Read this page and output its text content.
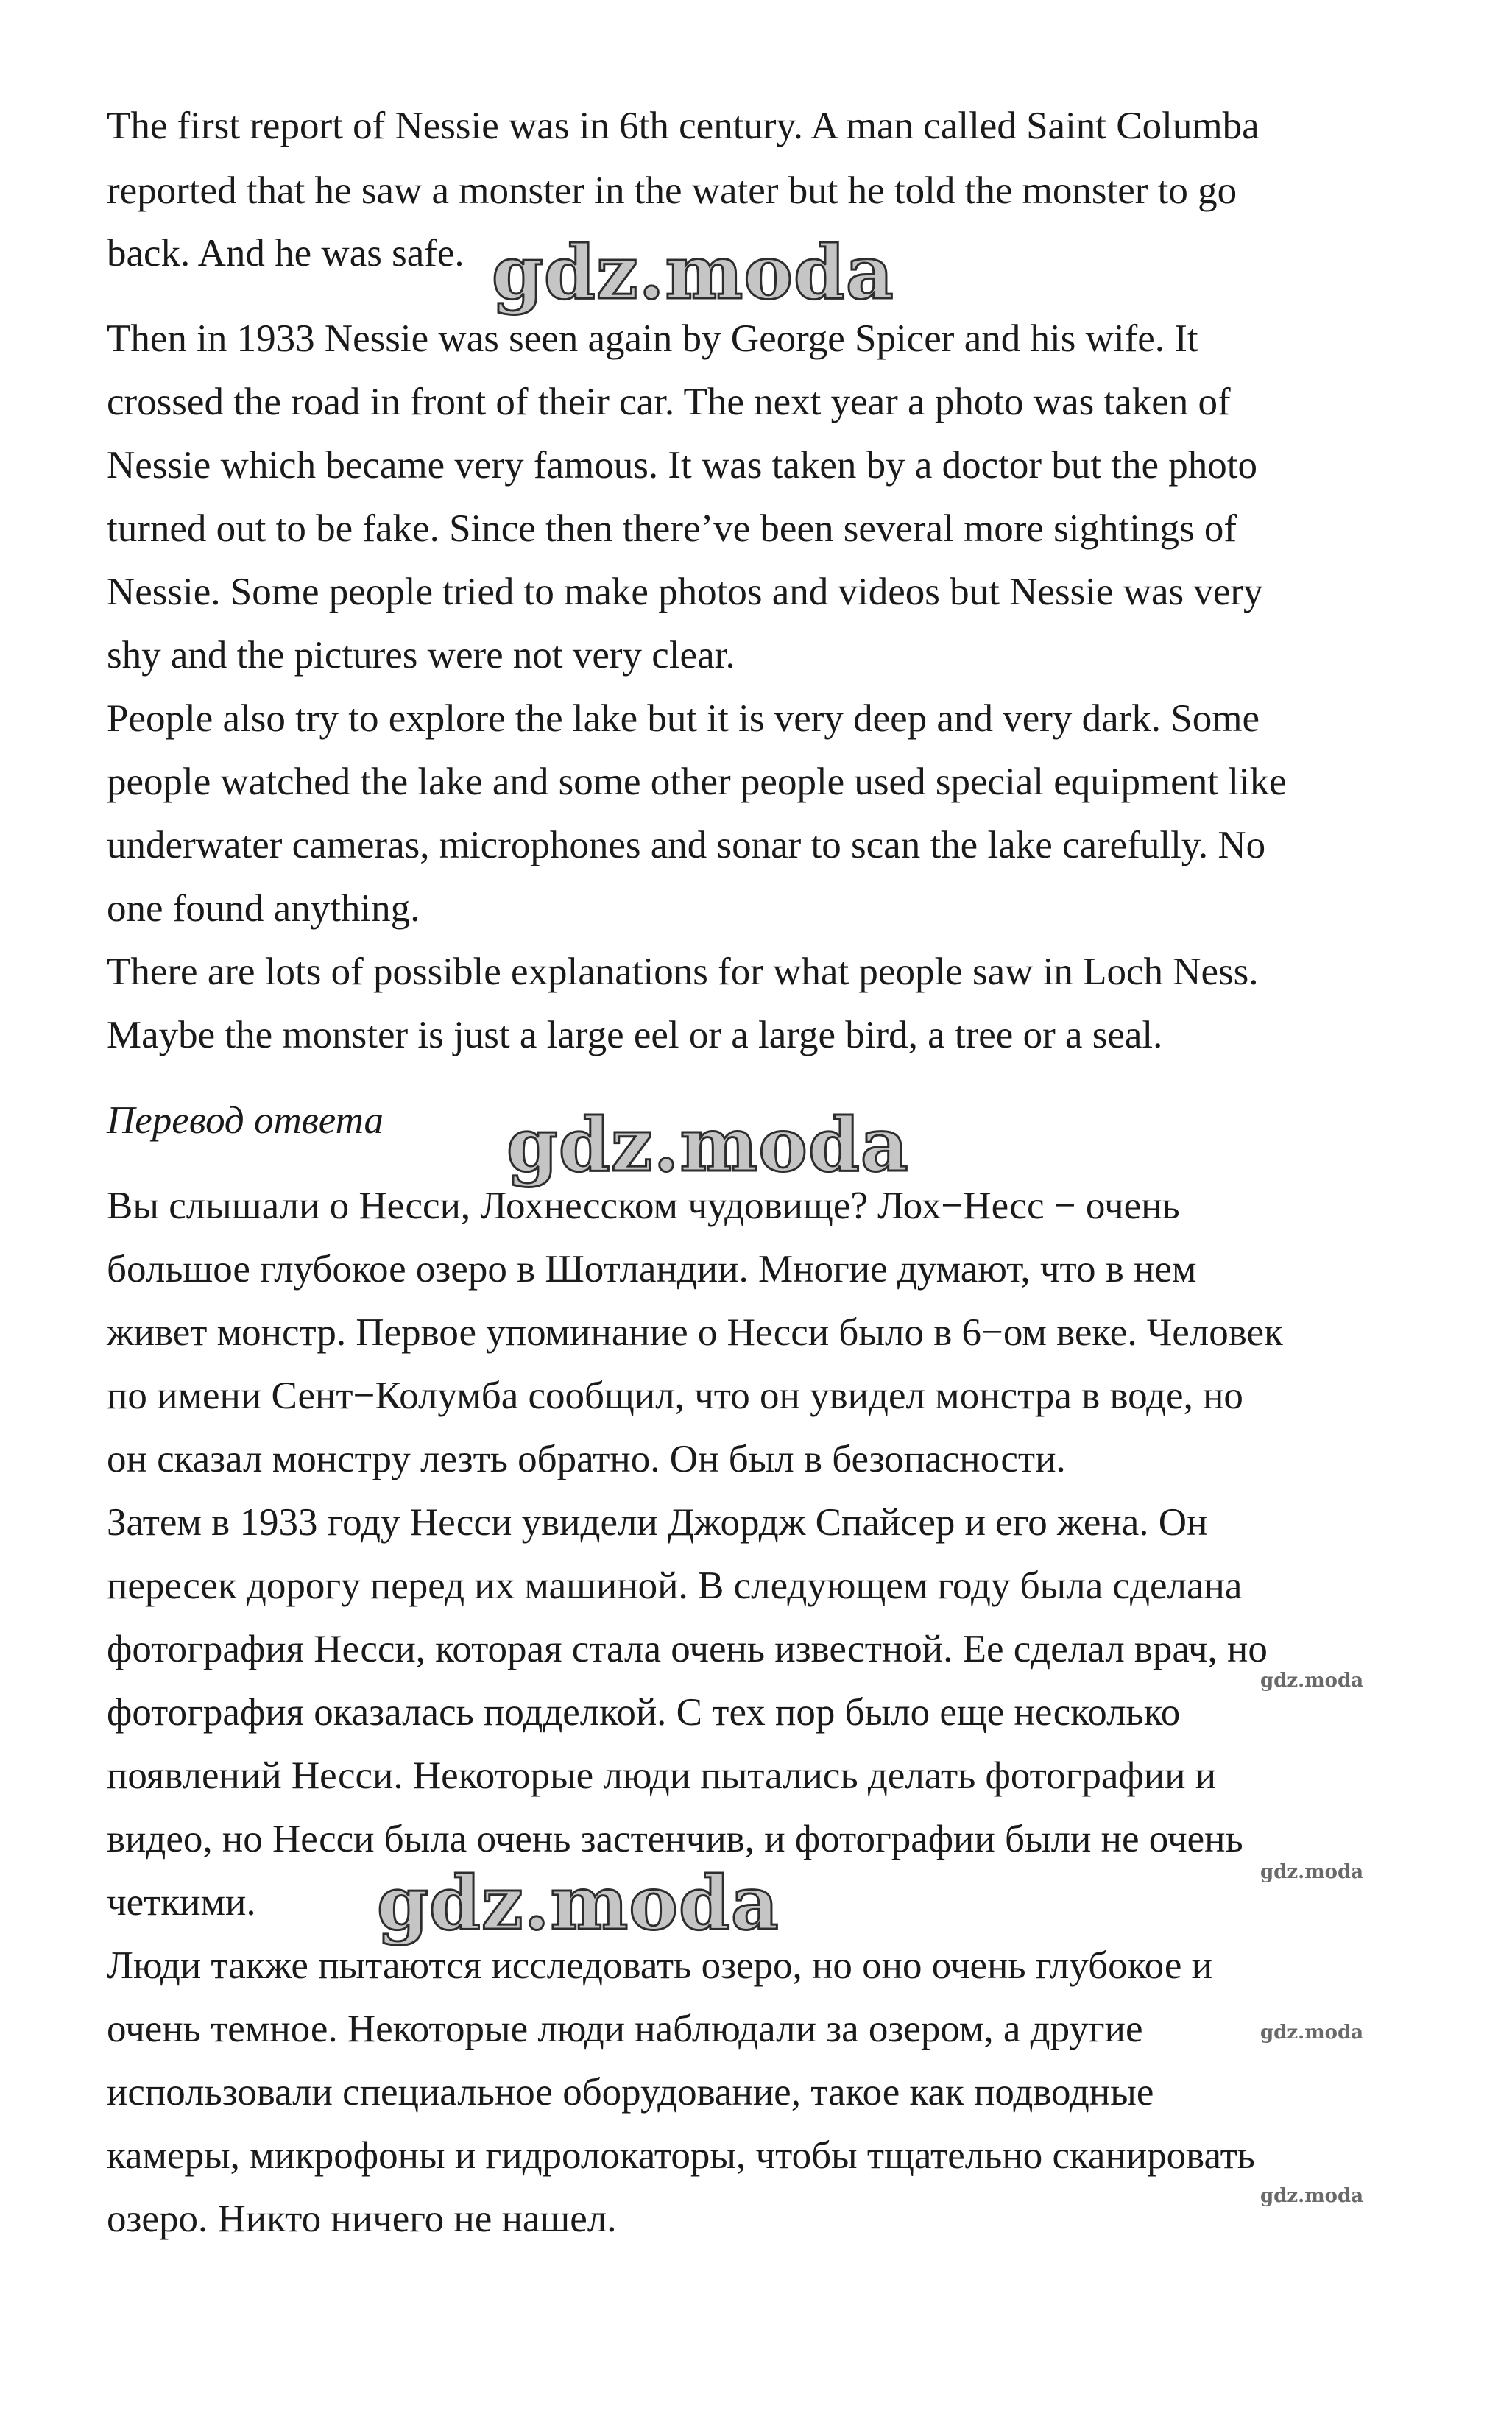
The first report of Nessie was in 6th century. A man called Saint Columba

reported that he saw a monster in the water but he told the monster to go

back. And he was safe.

Then in 1933 Nessie was seen again by George Spicer and his wife. It

crossed the road in front of their car. The next year a photo was taken of

Nessie which became very famous. It was taken by a doctor but the photo

turned out to be fake. Since then there’ve been several more sightings of

Nessie. Some people tried to make photos and videos but Nessie was very

shy and the pictures were not very clear.

People also try to explore the lake but it is very deep and very dark. Some

people watched the lake and some other people used special equipment like

underwater cameras, microphones and sonar to scan the lake carefully. No

one found anything.

There are lots of possible explanations for what people saw in Loch Ness.

Maybe the monster is just a large eel or a large bird, a tree or a seal.

Перевод ответа

Вы слышали о Несси, Лохнесском чудовище? Лох−Несс − очень

большое глубокое озеро в Шотландии. Многие думают, что в нем

живет монстр. Первое упоминание о Несси было в 6−ом веке. Человек

по имени Сент−Колумба сообщил, что он увидел монстра в воде, но

он сказал монстру лезть обратно. Он был в безопасности.

Затем в 1933 году Несси увидели Джордж Спайсер и его жена. Он

пересек дорогу перед их машиной. В следующем году была сделана

фотография Несси, которая стала очень известной. Ее сделал врач, но

фотография оказалась подделкой. С тех пор было еще несколько

появлений Несси. Некоторые люди пытались делать фотографии и

видео, но Несси была очень застенчив, и фотографии были не очень

четкими.

Люди также пытаются исследовать озеро, но оно очень глубокое и

очень темное. Некоторые люди наблюдали за озером, а другие

использовали специальное оборудование, такое как подводные

камеры, микрофоны и гидролокаторы, чтобы тщательно сканировать

озеро. Никто ничего не нашел.

gdz.moda
gdz.moda
gdz.moda
gdz.moda
gdz.moda
gdz.moda
gdz.moda
